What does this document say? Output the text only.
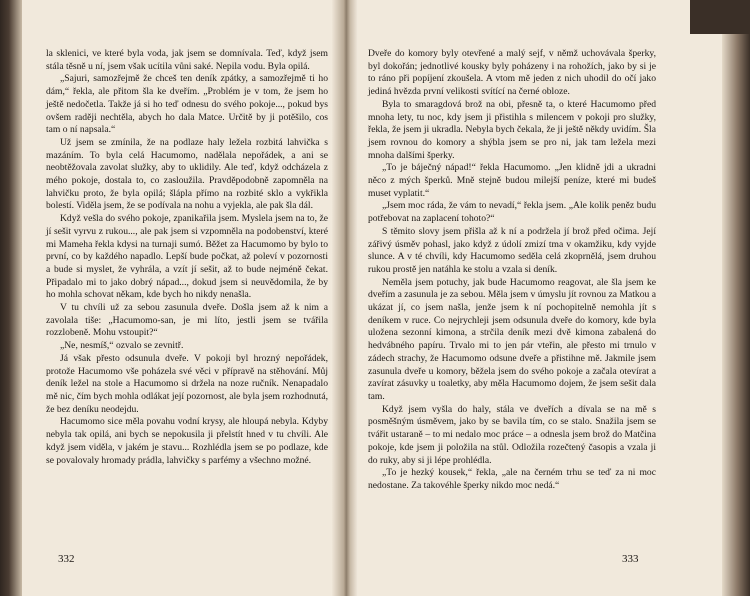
la sklenici, ve které byla voda, jak jsem se domnívala. Teď, když jsem stála těsně u ní, jsem však ucítila vůni saké. Nepila vodu. Byla opilá.

„Sajuri, samozřejmě že chceš ten deník zpátky, a samozřejmě ti ho dám,“ řekla, ale přitom šla ke dveřím. „Problém je v tom, že jsem ho ještě nedočetla. Takže já si ho teď odnesu do svého pokoje..., pokud bys ovšem raději nechtěla, abych ho dala Matce. Určitě by ji potěšilo, cos tam o ní napsala.“

Už jsem se zmínila, že na podlaze haly ležela rozbitá lahvička s mazáním. To byla celá Hacumomo, nadělala nepořádek, a ani se neobtěžovala zavolat služky, aby to uklidily. Ale teď, když odcházela z mého pokoje, dostala to, co zasloužila. Pravděpodobně zapomněla na lahvičku proto, že byla opilá; šlápla přímo na rozbité sklo a vykřikla bolestí. Viděla jsem, že se podívala na nohu a vyjekla, ale pak šla dál.

Když vešla do svého pokoje, zpanikařila jsem. Myslela jsem na to, že jí sešit vyrvu z rukou..., ale pak jsem si vzpomněla na podobenství, které mi Mameha řekla kdysi na turnaji sumó. Běžet za Hacumomo by bylo to první, co by každého napadlo. Lepší bude počkat, až poleví v pozornosti a bude si myslet, že vyhrála, a vzít jí sešit, až to bude nejméně čekat. Připadalo mi to jako dobrý nápad..., dokud jsem si neuvědomila, že by ho mohla schovat někam, kde bych ho nikdy nenašla.

V tu chvíli už za sebou zasunula dveře. Došla jsem až k nim a zavolala tiše: „Hacumomo-san, je mi líto, jestli jsem se tvářila rozzlobeně. Mohu vstoupit?“

„Ne, nesmíš,“ ozvalo se zevnitř.

Já však přesto odsunula dveře. V pokoji byl hrozný nepořádek, protože Hacumomo vše poházela své věci v přípravě na stěhování. Můj deník ležel na stole a Hacumomo si držela na noze ručník. Nenapadalo mě nic, čím bych mohla odlákat její pozornost, ale byla jsem rozhodnutá, že bez deníku neodejdu.

Hacumomo sice měla povahu vodní krysy, ale hloupá nebyla. Kdyby nebyla tak opilá, ani bych se nepokusila ji přelstít hned v tu chvíli. Ale když jsem viděla, v jakém je stavu... Rozhlédla jsem se po podlaze, kde se povalovaly hromady prádla, lahvičky s parfémy a všechno možné.

Dveře do komory byly otevřené a malý sejf, v němž uchovávala šperky, byl dokořán; jednotlivé kousky byly poházeny i na rohožích, jako by si je to ráno při popíjení zkoušela. A vtom mě jeden z nich uhodil do očí jako jediná hvězda první velikosti svítící na černé obloze.

Byla to smaragdová brož na obi, přesně ta, o které Hacumomo před mnoha lety, tu noc, kdy jsem ji přistihla s milencem v pokoji pro služky, řekla, že jsem ji ukradla. Nebyla bych čekala, že ji ještě někdy uvidím. Šla jsem rovnou do komory a shýbla jsem se pro ni, jak tam ležela mezi mnoha dalšími šperky.

„To je báječný nápad!“ řekla Hacumomo. „Jen klidně jdi a ukradni něco z mých šperků. Mně stejně budou milejší peníze, které mi budeš muset vyplatit.“

„Jsem moc ráda, že vám to nevadí,“ řekla jsem. „Ale kolik peněz budu potřebovat na zaplacení tohoto?“

S těmito slovy jsem přišla až k ní a podržela jí brož před očima. Její zářivý úsměv pohasl, jako když z údolí zmizí tma v okamžiku, kdy vyjde slunce. A v té chvíli, kdy Hacumomo seděla celá zkoprnělá, jsem druhou rukou prostě jen natáhla ke stolu a vzala si deník.

Neměla jsem potuchy, jak bude Hacumomo reagovat, ale šla jsem ke dveřím a zasunula je za sebou. Měla jsem v úmyslu jít rovnou za Matkou a ukázat jí, co jsem našla, jenže jsem k ní pochopitelně nemohla jít s deníkem v ruce. Co nejrychleji jsem odsunula dveře do komory, kde byla uložena sezonní kimona, a strčila deník mezi dvě kimona zabalená do hedvábného papíru. Trvalo mi to jen pár vteřin, ale přesto mi trnulo v zádech strachy, že Hacumomo odsune dveře a přistihne mě. Jakmile jsem zasunula dveře u komory, běžela jsem do svého pokoje a začala otevírat a zavírat zásuvky u toaletky, aby měla Hacumomo dojem, že jsem sešit dala tam.

Když jsem vyšla do haly, stála ve dveřích a dívala se na mě s posměšným úsměvem, jako by se bavila tím, co se stalo. Snažila jsem se tvářit ustaraně – to mi nedalo moc práce – a odnesla jsem brož do Matčina pokoje, kde jsem ji položila na stůl. Odložila rozečtený časopis a vzala ji do ruky, aby si ji lépe prohlédla.

„To je hezký kousek,“ řekla, „ale na černém trhu se teď za ni moc nedostane. Za takovéhle šperky nikdo moc nedá.“

332	333
